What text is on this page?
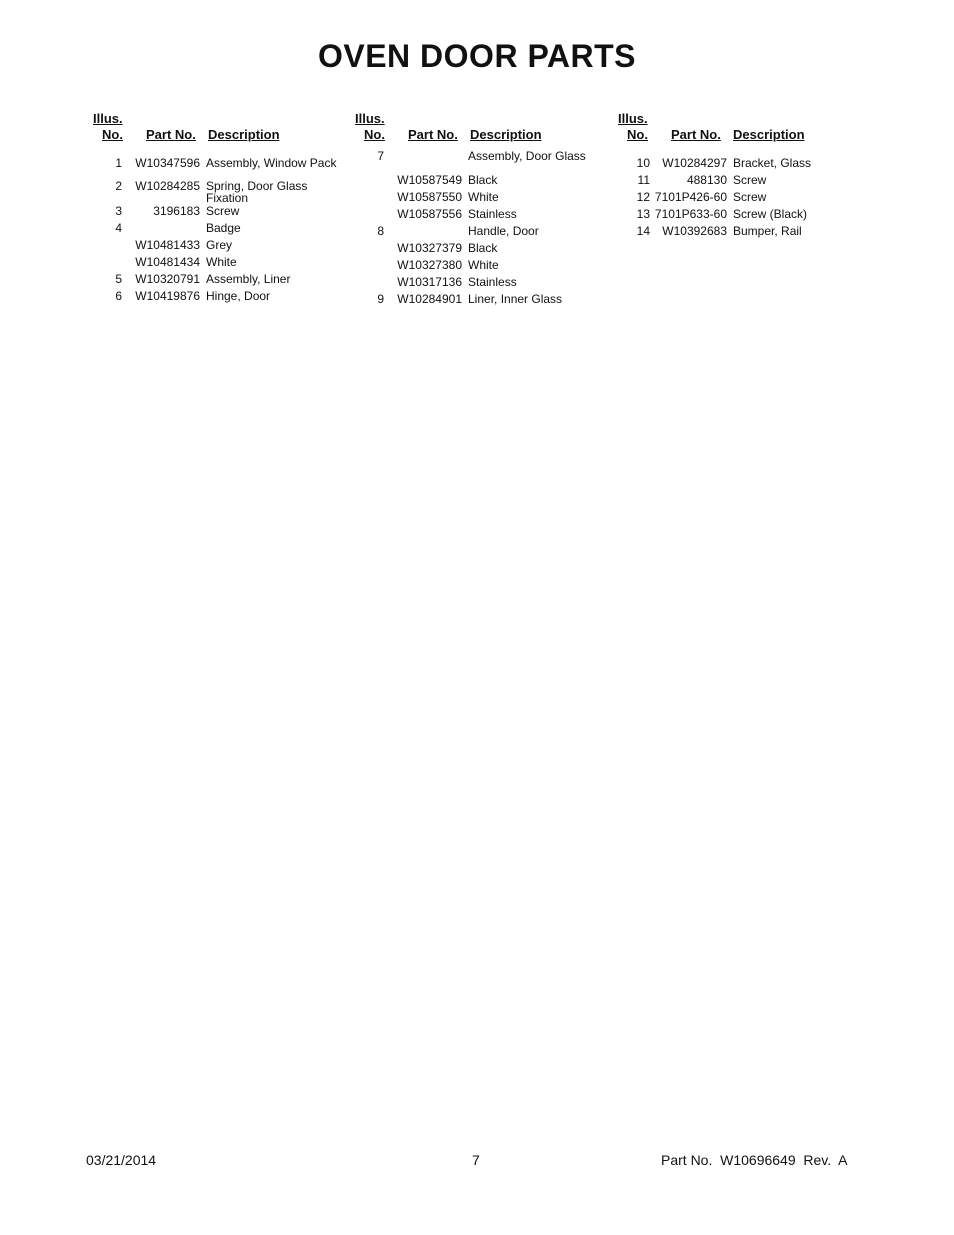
OVEN DOOR PARTS
Illus.
No. Part No. Description
1	W10347596 Assembly, Window Pack
2	W10284285 Spring, Door Glass
Fixation
3	3196183 Screw
4	Badge
W10481433 Grey
W10481434 White
5	W10320791 Assembly, Liner
6	W10419876 Hinge, Door
Illus.
No. Part No. Description
7	Assembly, Door Glass
W10587549 Black
W10587550 White
W10587556 Stainless
8	Handle, Door
W10327379 Black
W10327380 White
W10317136 Stainless
9	W10284901 Liner, Inner Glass
Illus.
No. Part No. Description
10	W10284297 Bracket, Glass
11	488130 Screw
12 7101P426-60 Screw
13 7101P633-60 Screw (Black)
14	W10392683 Bumper, Rail
03/21/2014	7	Part No.  W10696649  Rev.  A
